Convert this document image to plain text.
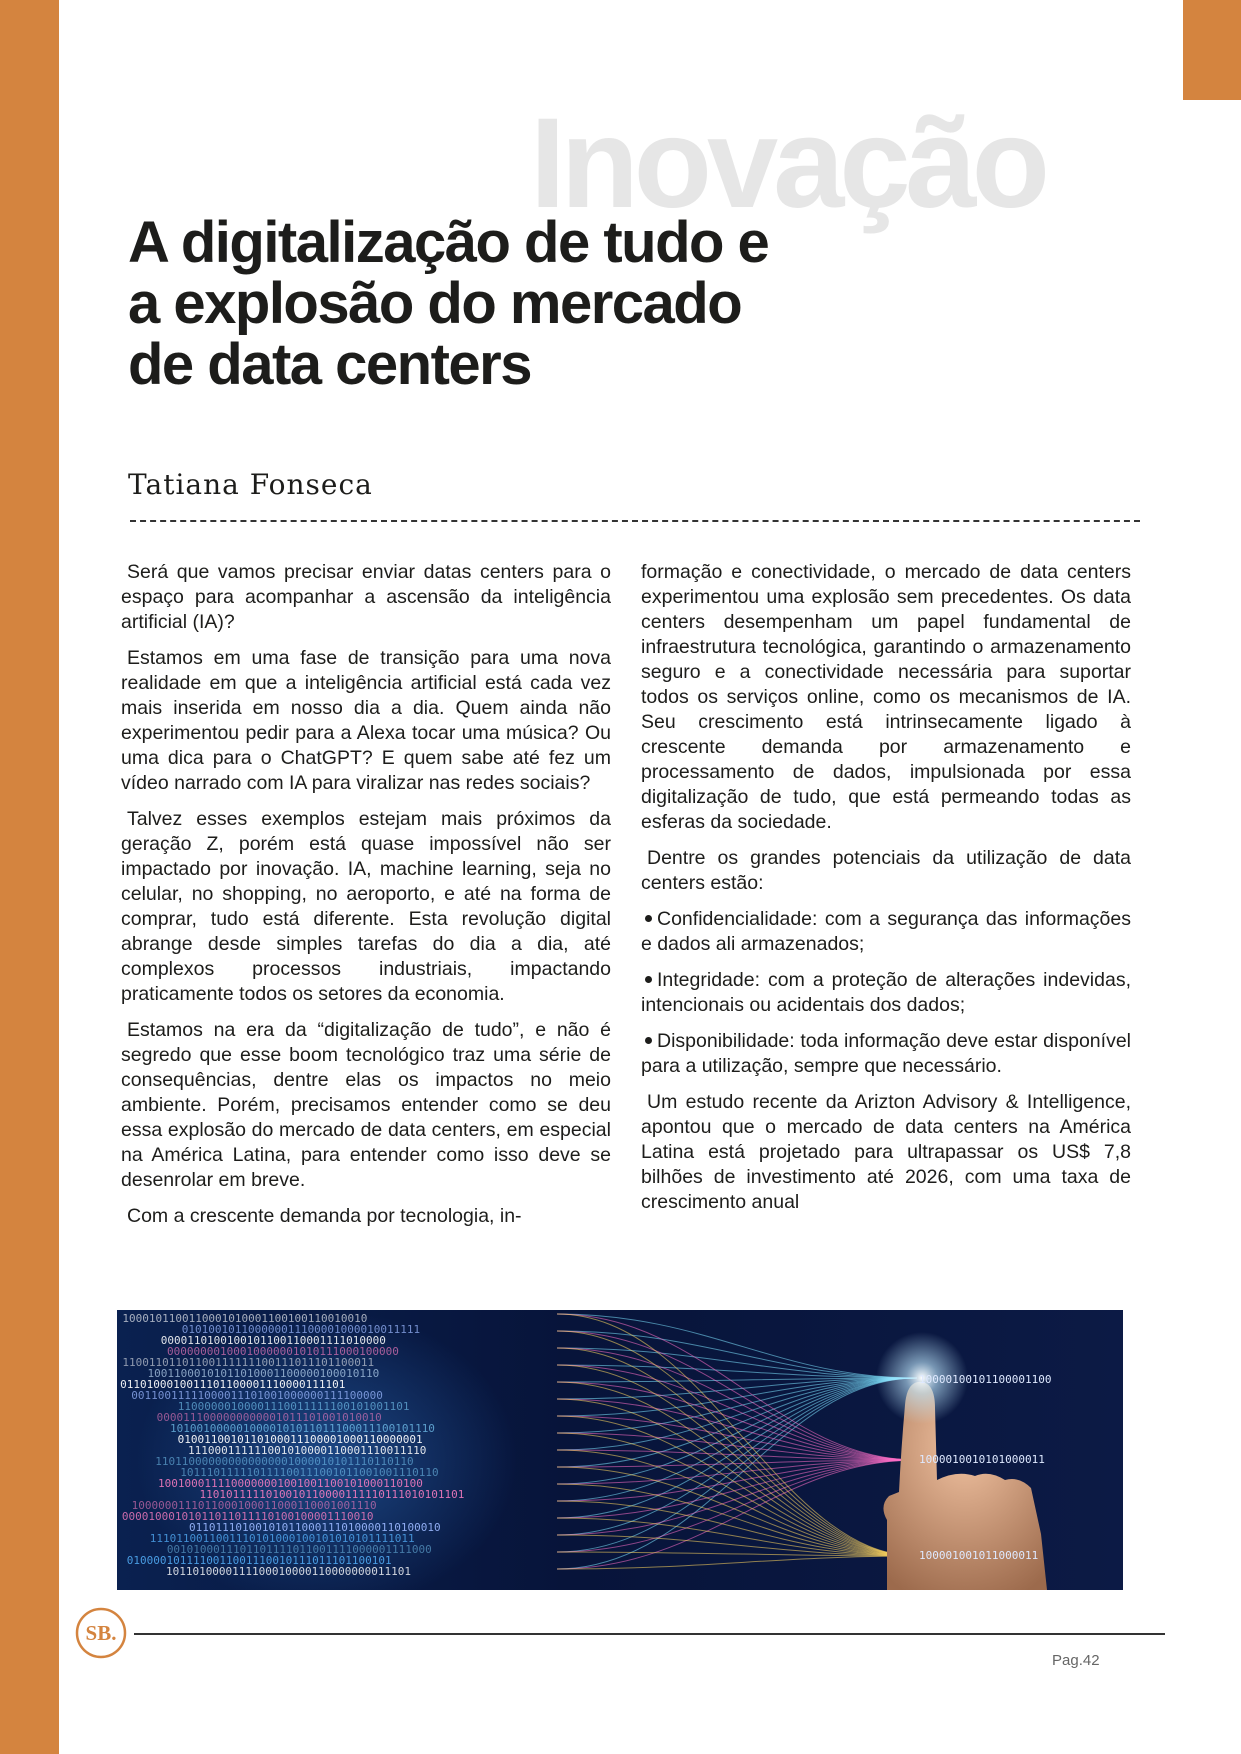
Inovação
A digitalização de tudo e a explosão do mercado de data centers

Tatiana Fonseca

Será que vamos precisar enviar datas centers para o espaço para acompanhar a ascensão da inteligência artificial (IA)?

Estamos em uma fase de transição para uma nova realidade em que a inteligência artificial está cada vez mais inserida em nosso dia a dia. Quem ainda não experimentou pedir para a Alexa tocar uma música? Ou uma dica para o ChatGPT? E quem sabe até fez um vídeo narrado com IA para viralizar nas redes sociais?

Talvez esses exemplos estejam mais próximos da geração Z, porém está quase impossível não ser impactado por inovação. IA, machine learning, seja no celular, no shopping, no aeroporto, e até na forma de comprar, tudo está diferente. Esta revolução digital abrange desde simples tarefas do dia a dia, até complexos processos industriais, impactando praticamente todos os setores da economia.

Estamos na era da “digitalização de tudo”, e não é segredo que esse boom tecnológico traz uma série de consequências, dentre elas os impactos no meio ambiente. Porém, precisamos entender como se deu essa explosão do mercado de data centers, em especial na América Latina, para entender como isso deve se desenrolar em breve.

Com a crescente demanda por tecnologia, in-

formação e conectividade, o mercado de data centers experimentou uma explosão sem precedentes. Os data centers desempenham um papel fundamental de infraestrutura tecnológica, garantindo o armazenamento seguro e a conectividade necessária para suportar todos os serviços online, como os mecanismos de IA. Seu crescimento está intrinsecamente ligado à crescente demanda por armazenamento e processamento de dados, impulsionada por essa digitalização de tudo, que está permeando todas as esferas da sociedade.

Dentre os grandes potenciais da utilização de data centers estão:

Confidencialidade: com a segurança das informações e dados ali armazenados;

Integridade: com a proteção de alterações indevidas, intencionais ou acidentais dos dados;

Disponibilidade: toda informação deve estar disponível para a utilização, sempre que necessário.

Um estudo recente da Arizton Advisory & Intelligence, apontou que o mercado de data centers na América Latina está projetado para ultrapassar os US$ 7,8 bilhões de investimento até 2026, com uma taxa de crescimento anual

1000101100110001010001100100110010010
010100101100000011100001000010011111
0000110100100101100110001111010000
00000000100010000001010111000100000
11001101101100111111100111011101100011
10011000101011010001100000100010110
0110100010011101100001110000111101
00110011111000011101001000000111100000
11000000100001110011111100101001101
0000111000000000001011101001010010
1010010000010000101011011100011100101110
0100110010110100011100001000110000001
111000111111001010000110001110011110
110110000000000000001000010101110110110
101110111110111100111001011001001110110
1001000111100000001001001100101000110100
1101011111010010110000111110111010101101
1000000111011000100011000110001001110
00001000101011011011110100100001110010
01101110100101011000111010000110100010
1110110011001110101000100101010101111011
0010100011101101111011001111000001111000
0100001011110011001110010111011101100101
1011010000111100010000110000000011101
10000100101100001100
1000010010101000011
100001001011000011
SB.
Pag.42
